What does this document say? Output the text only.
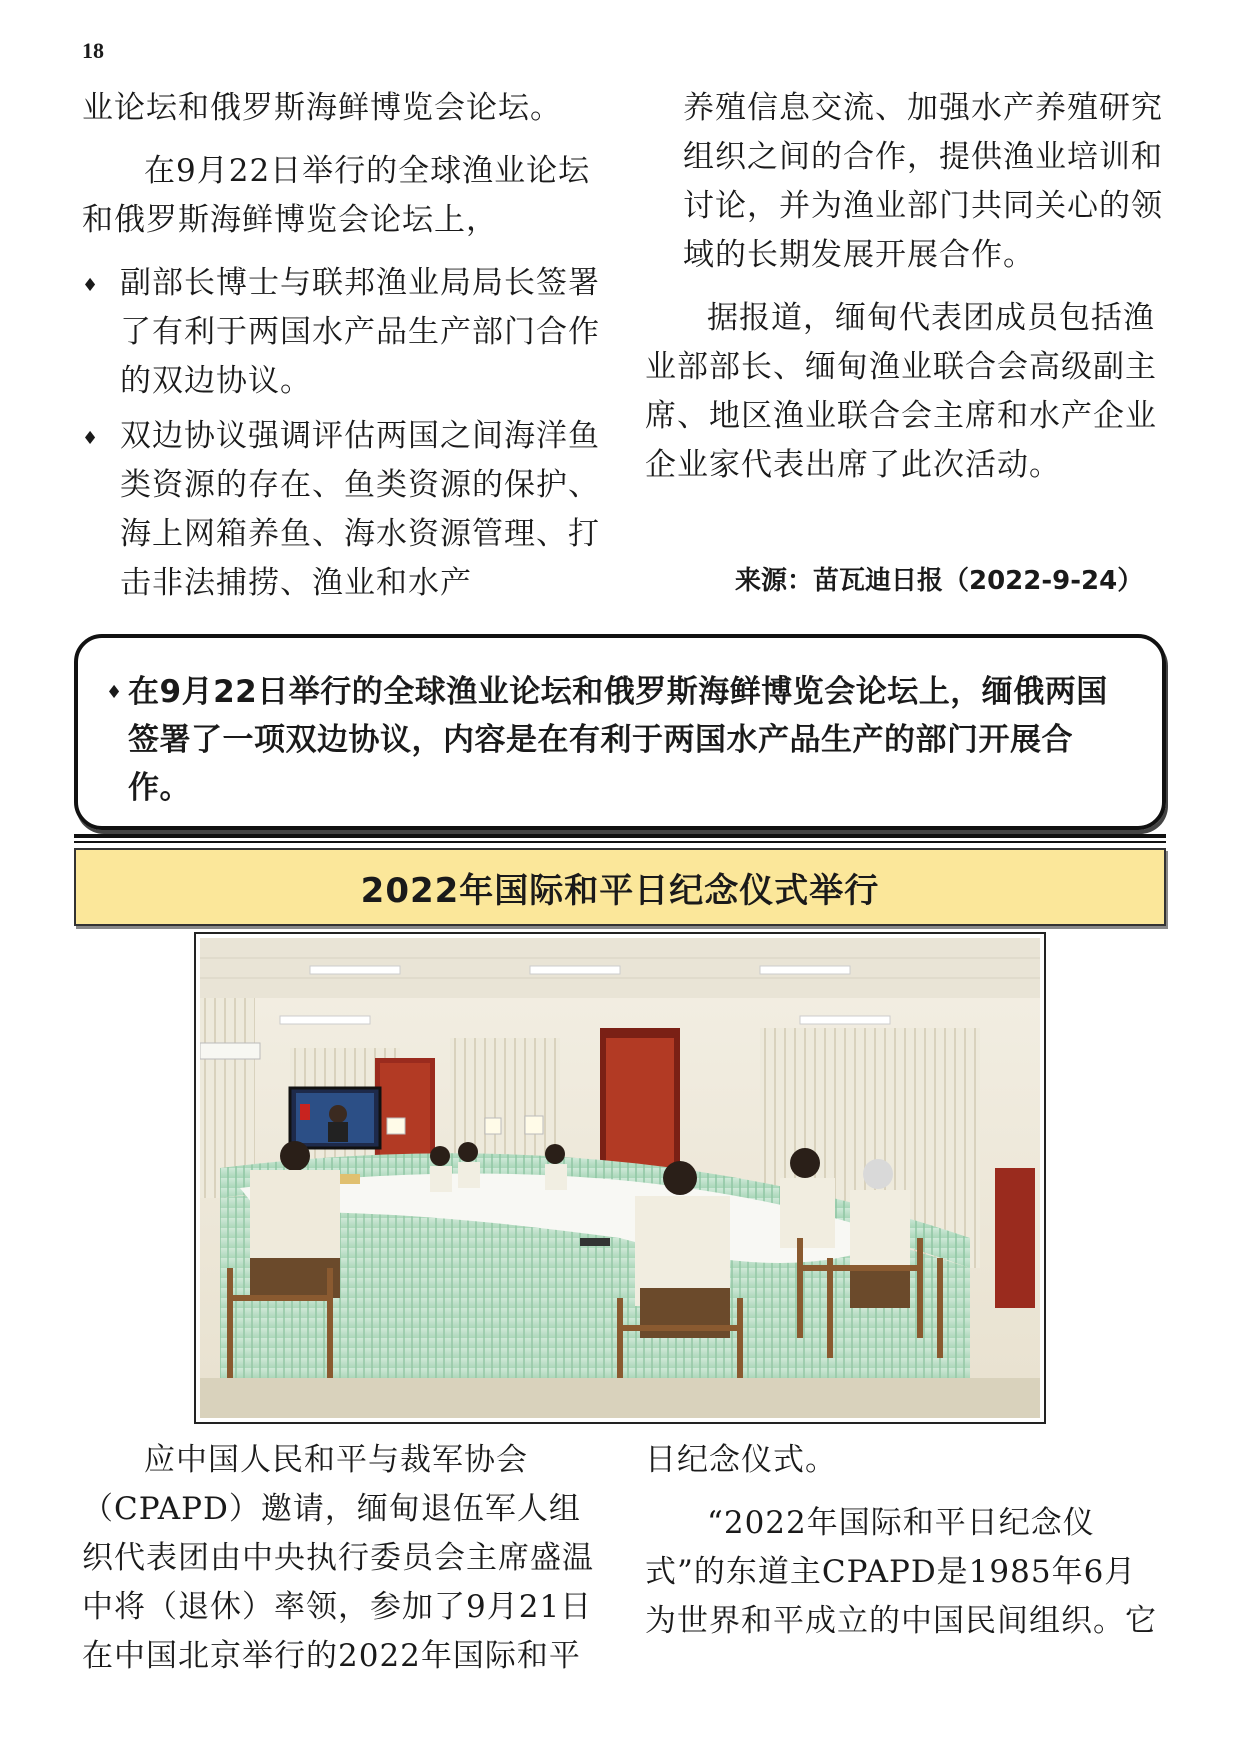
18

业论坛和俄罗斯海鲜博览会论坛。

在9月22日举行的全球渔业论坛和俄罗斯海鲜博览会论坛上，

♦ 副部长博士与联邦渔业局局长签署了有利于两国水产品生产部门合作的双边协议。
♦ 双边协议强调评估两国之间海洋鱼类资源的存在、鱼类资源的保护、海上网箱养鱼、海水资源管理、打击非法捕捞、渔业和水产

养殖信息交流、加强水产养殖研究组织之间的合作，提供渔业培训和讨论，并为渔业部门共同关心的领域的长期发展开展合作。

据报道，缅甸代表团成员包括渔业部部长、缅甸渔业联合会高级副主席、地区渔业联合会主席和水产企业企业家代表出席了此次活动。

来源：苗瓦迪日报（2022-9-24）
♦ 在9月22日举行的全球渔业论坛和俄罗斯海鲜博览会论坛上，缅俄两国签署了一项双边协议，内容是在有利于两国水产品生产的部门开展合作。
2022年国际和平日纪念仪式举行

应中国人民和平与裁军协会（CPAPD）邀请，缅甸退伍军人组织代表团由中央执行委员会主席盛温中将（退休）率领，参加了9月21日在中国北京举行的2022年国际和平

日纪念仪式。

“2022年国际和平日纪念仪式”的东道主CPAPD是1985年6月为世界和平成立的中国民间组织。它
